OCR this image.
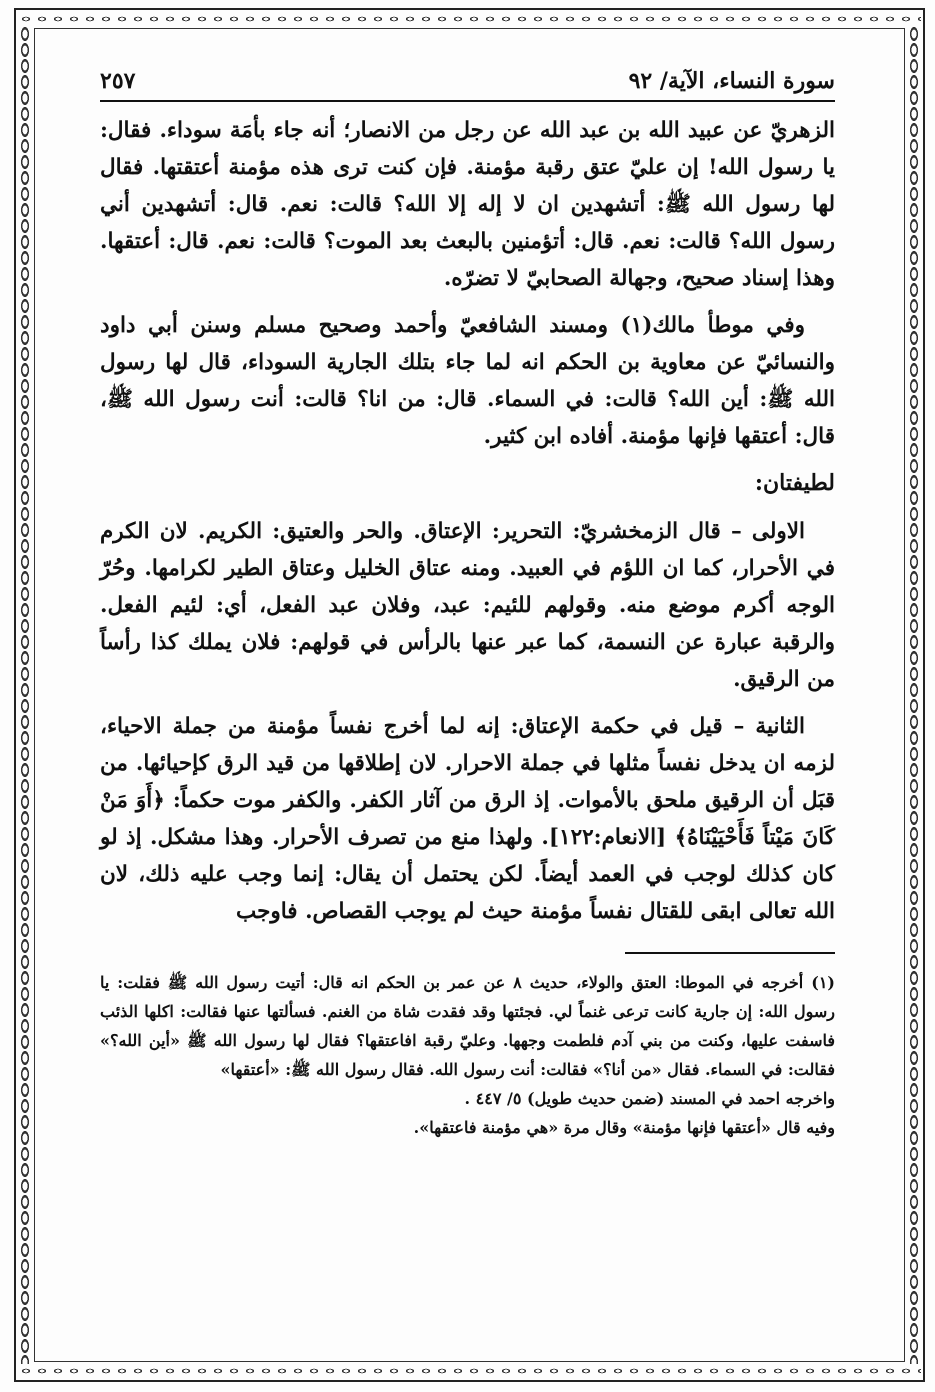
سورة النساء، الآية/ ٩٢
٢٥٧

الزهريّ عن عبيد الله بن عبد الله عن رجل من الانصار؛ أنه جاء بأمَة سوداء. فقال: يا رسول الله! إن عليّ عتق رقبة مؤمنة. فإن كنت ترى هذه مؤمنة أعتقتها. فقال لها رسول الله ﷺ: أتشهدين ان لا إله إلا الله؟ قالت: نعم. قال: أتشهدين أني رسول الله؟ قالت: نعم. قال: أتؤمنين بالبعث بعد الموت؟ قالت: نعم. قال: أعتقها. وهذا إسناد صحيح، وجهالة الصحابيّ لا تضرّه.

وفي موطأ مالك(١) ومسند الشافعيّ وأحمد وصحيح مسلم وسنن أبي داود والنسائيّ عن معاوية بن الحكم انه لما جاء بتلك الجارية السوداء، قال لها رسول الله ﷺ: أين الله؟ قالت: في السماء. قال: من انا؟ قالت: أنت رسول الله ﷺ، قال: أعتقها فإنها مؤمنة. أفاده ابن كثير.

لطيفتان:

الاولى – قال الزمخشريّ: التحرير: الإعتاق. والحر والعتيق: الكريم. لان الكرم في الأحرار، كما ان اللؤم في العبيد. ومنه عتاق الخليل وعتاق الطير لكرامها. وحُرّ الوجه أكرم موضع منه. وقولهم للئيم: عبد، وفلان عبد الفعل، أي: لئيم الفعل. والرقبة عبارة عن النسمة، كما عبر عنها بالرأس في قولهم: فلان يملك كذا رأساً من الرقيق.

الثانية – قيل في حكمة الإعتاق: إنه لما أخرج نفساً مؤمنة من جملة الاحياء، لزمه ان يدخل نفساً مثلها في جملة الاحرار. لان إطلاقها من قيد الرق كإحيائها. من قبَل أن الرقيق ملحق بالأموات. إذ الرق من آثار الكفر. والكفر موت حكماً: ﴿أَوَ مَنْ كَانَ مَيْتاً فَأَحْيَيْنَاهُ﴾ [الانعام:١٢٢]. ولهذا منع من تصرف الأحرار. وهذا مشكل. إذ لو كان كذلك لوجب في العمد أيضاً. لكن يحتمل أن يقال: إنما وجب عليه ذلك، لان الله تعالى ابقى للقتال نفساً مؤمنة حيث لم يوجب القصاص. فاوجب

(١)أخرجه في الموطا: العتق والولاء، حديث ٨ عن عمر بن الحكم انه قال: أتيت رسول الله ﷺ فقلت: يا رسول الله: إن جارية كانت ترعى غنماً لي. فجئتها وقد فقدت شاة من الغنم. فسألتها عنها فقالت: اكلها الذئب فاسفت عليها، وكنت من بني آدم فلطمت وجهها. وعليّ رقبة افاعتقها؟ فقال لها رسول الله ﷺ «أين الله؟» فقالت: في السماء. فقال «من أنا؟» فقالت: أنت رسول الله. فقال رسول الله ﷺ: «أعتقها»

واخرجه احمد في المسند (ضمن حديث طويل) ٥/ ٤٤٧ .

وفيه قال «أعتقها فإنها مؤمنة» وقال مرة «هي مؤمنة فاعتقها».
